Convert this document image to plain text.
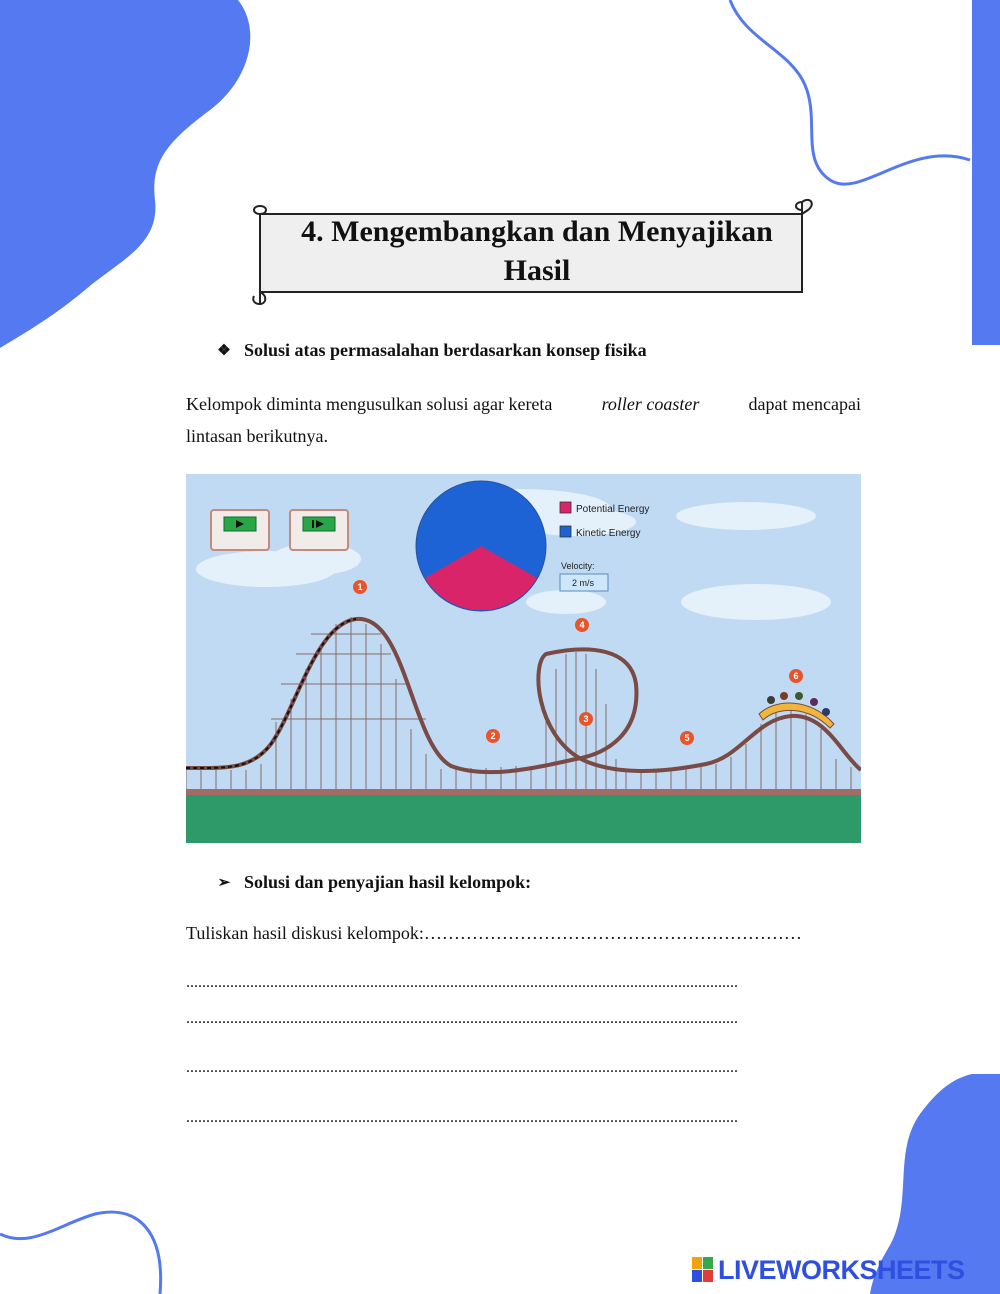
4. Mengembangkan dan Menyajikan Hasil
❖ Solusi atas permasalahan berdasarkan konsep fisika
Kelompok diminta mengusulkan solusi agar kereta	roller coaster	dapat mencapai
lintasan berikutnya.
Potential Energy
Kinetic Energy
Velocity:
2 m/s
1
2
3
4
5
6
➢ Solusi dan penyajian hasil kelompok:
Tuliskan hasil diskusi kelompok:………………………………………………………
..........................................................................................................................................
..........................................................................................................................................
..........................................................................................................................................
..........................................................................................................................................
LIVEWORKSHEETS
